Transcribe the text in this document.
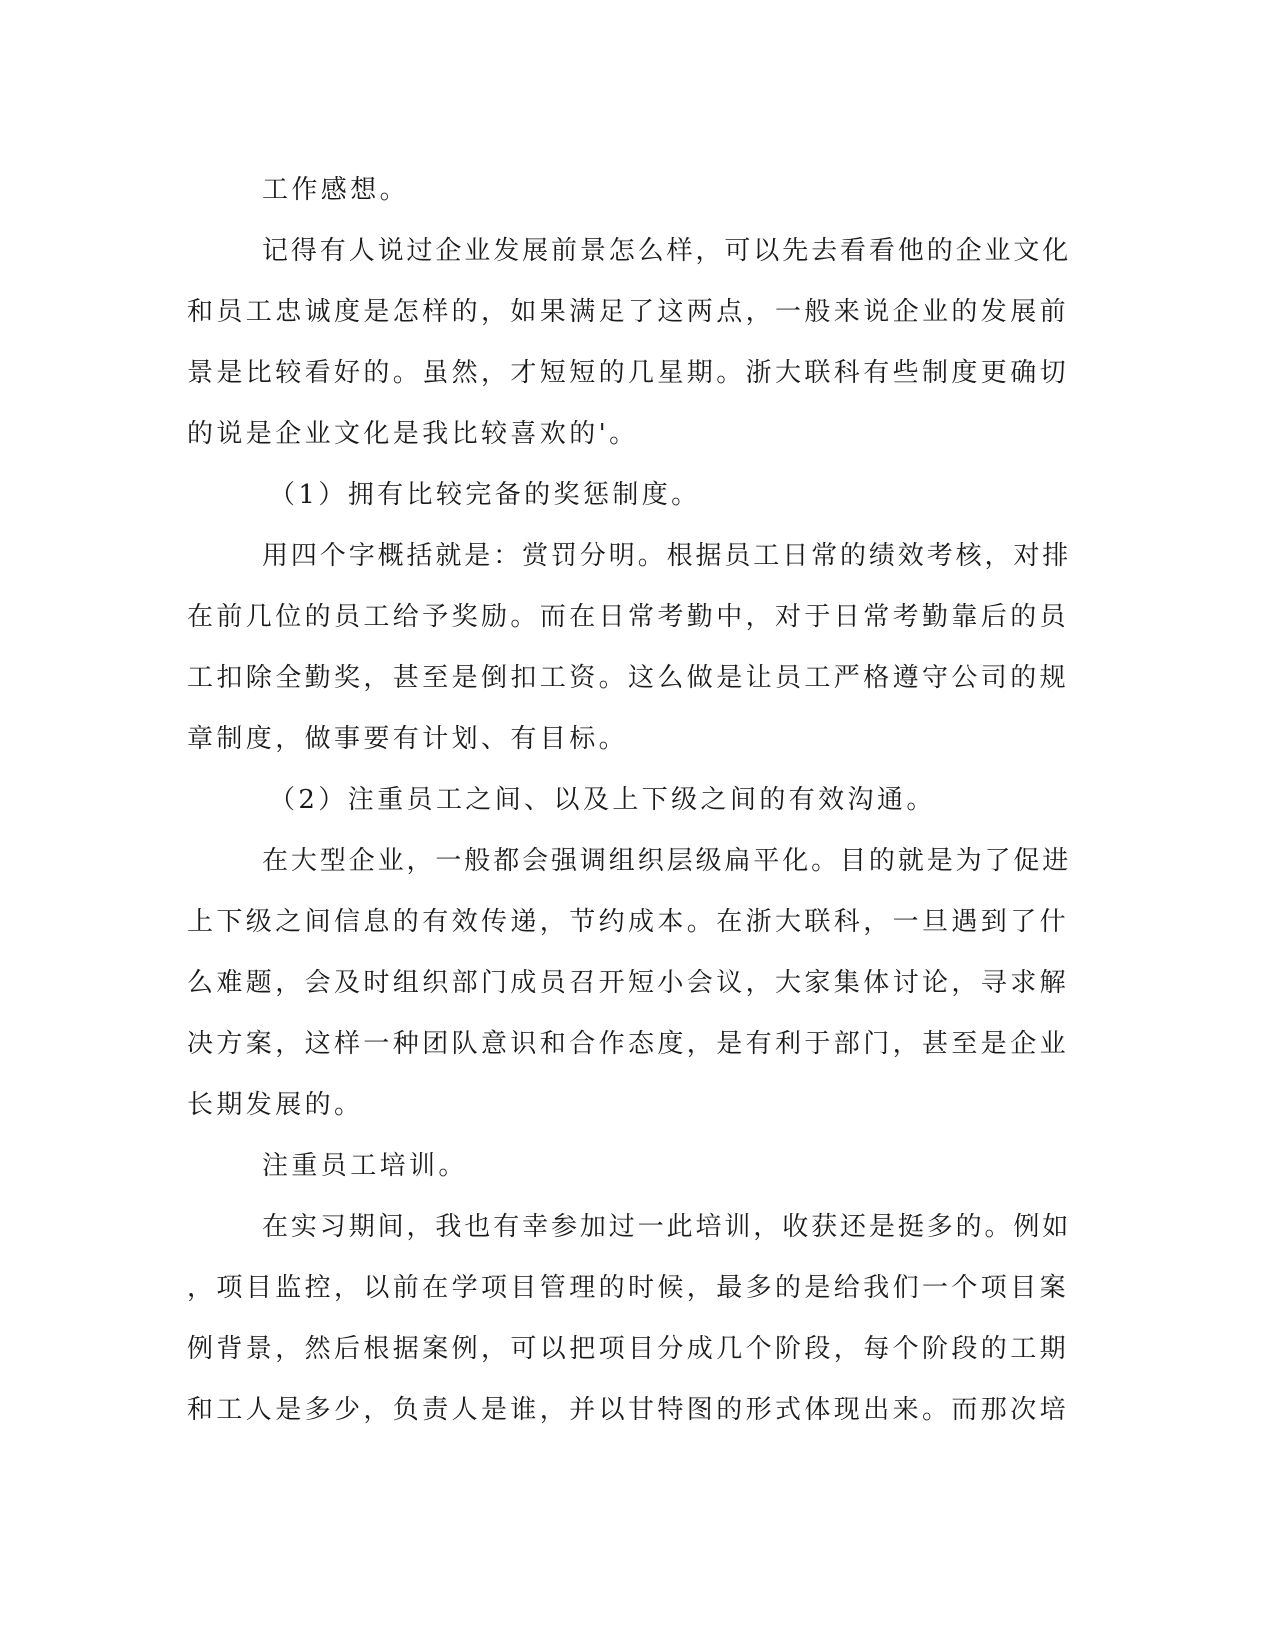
工作感想。
记得有人说过企业发展前景怎么样，可以先去看看他的企业文化
和员工忠诚度是怎样的，如果满足了这两点，一般来说企业的发展前
景是比较看好的。虽然，才短短的几星期。浙大联科有些制度更确切
的说是企业文化是我比较喜欢的'。
（1）拥有比较完备的奖惩制度。
用四个字概括就是：赏罚分明。根据员工日常的绩效考核，对排
在前几位的员工给予奖励。而在日常考勤中，对于日常考勤靠后的员
工扣除全勤奖，甚至是倒扣工资。这么做是让员工严格遵守公司的规
章制度，做事要有计划、有目标。
（2）注重员工之间、以及上下级之间的有效沟通。
在大型企业，一般都会强调组织层级扁平化。目的就是为了促进
上下级之间信息的有效传递，节约成本。在浙大联科，一旦遇到了什
么难题，会及时组织部门成员召开短小会议，大家集体讨论，寻求解
决方案，这样一种团队意识和合作态度，是有利于部门，甚至是企业
长期发展的。
注重员工培训。
在实习期间，我也有幸参加过一此培训，收获还是挺多的。例如
，项目监控，以前在学项目管理的时候，最多的是给我们一个项目案
例背景，然后根据案例，可以把项目分成几个阶段，每个阶段的工期
和工人是多少，负责人是谁，并以甘特图的形式体现出来。而那次培
